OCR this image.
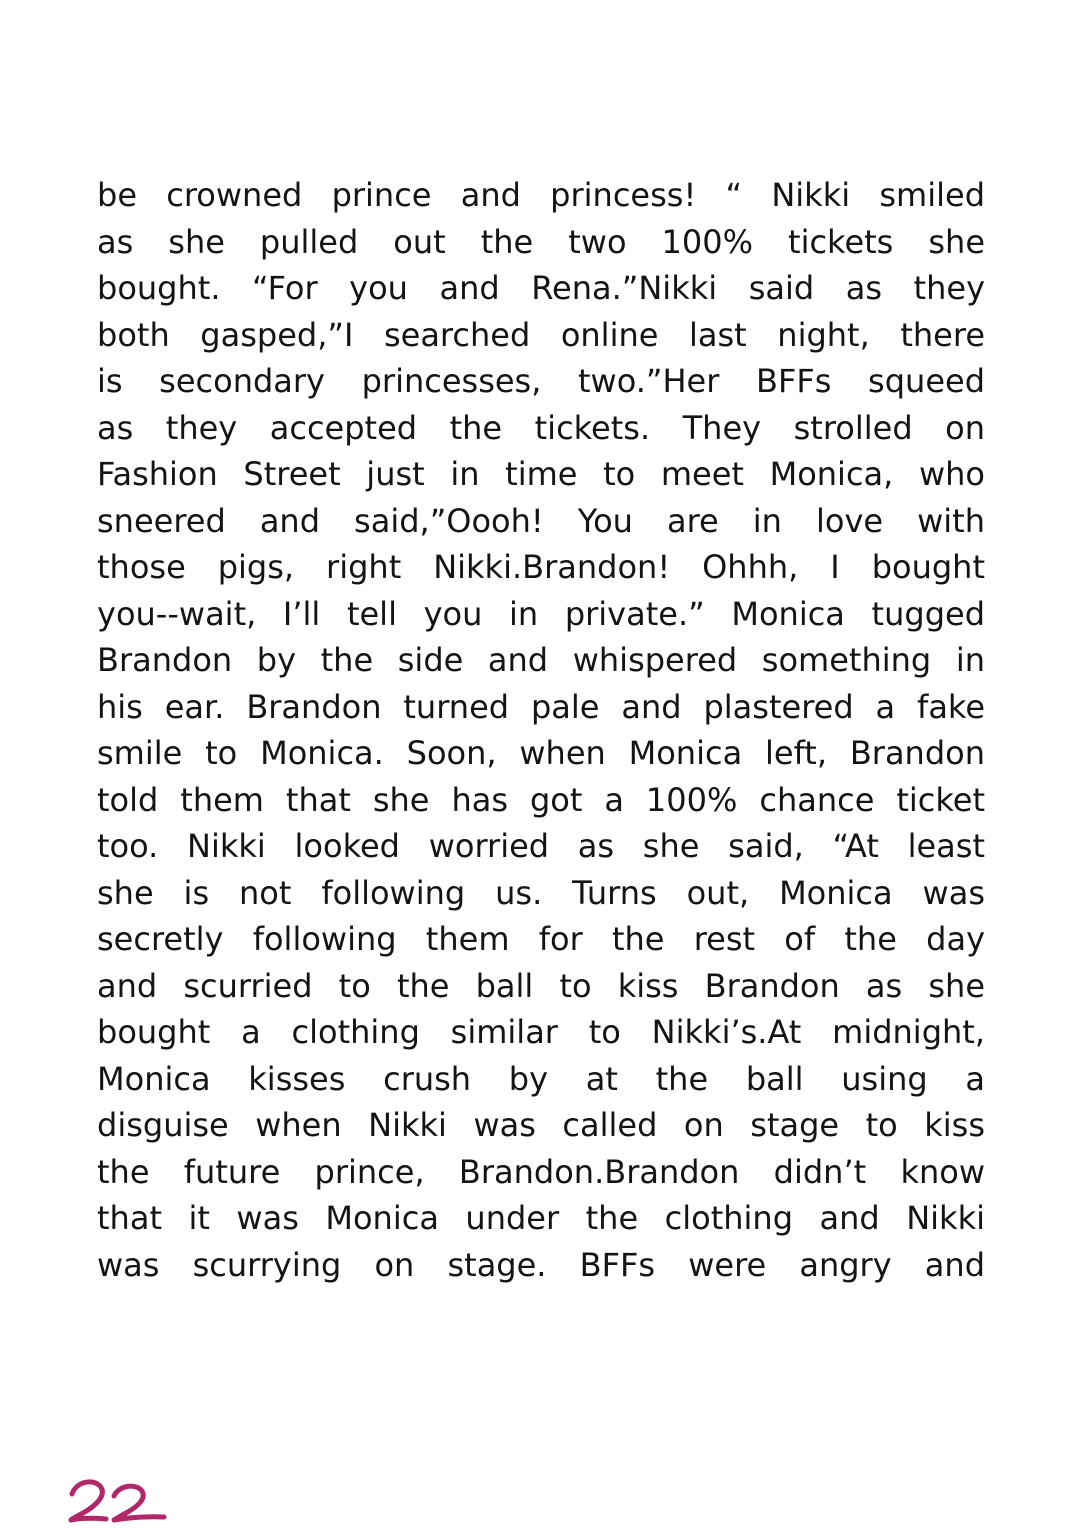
be crowned prince and princess! “ Nikki smiled
as she pulled out the two 100% tickets she
bought. “For you and Rena.”Nikki said as they
both gasped,”I searched online last night, there
is secondary princesses, two.”Her BFFs squeed
as they accepted the tickets. They strolled on
Fashion Street just in time to meet Monica, who
sneered and said,”Oooh! You are in love with
those pigs, right Nikki.Brandon! Ohhh, I bought
you--wait, I’ll tell you in private.” Monica tugged
Brandon by the side and whispered something in
his ear. Brandon turned pale and plastered a fake
smile to Monica. Soon, when Monica left, Brandon
told them that she has got a 100% chance ticket
too. Nikki looked worried as she said, “At least
she is not following us. Turns out, Monica was
secretly following them for the rest of the day
and scurried to the ball to kiss Brandon as she
bought a clothing similar to Nikki’s.At midnight,
Monica kisses crush by at the ball using a
disguise when Nikki was called on stage to kiss
the future prince, Brandon.Brandon didn’t know
that it was Monica under the clothing and Nikki
was scurrying on stage. BFFs were angry and
